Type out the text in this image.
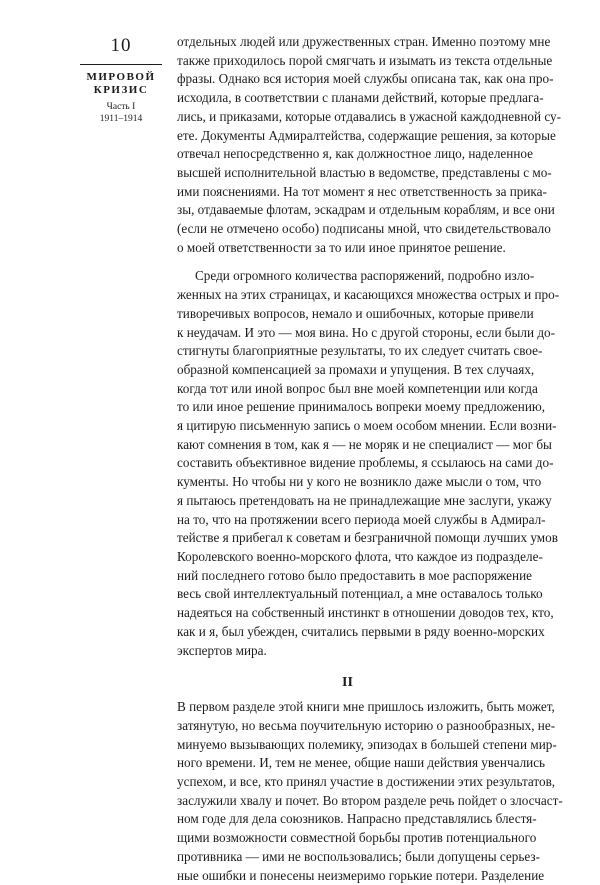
10
МИРОВОЙ
КРИЗИС
Часть I
1911–1914
отдельных людей или дружественных стран. Именно поэтому мне
также приходилось порой смягчать и изымать из текста отдельные
фразы. Однако вся история моей службы описана так, как она про-
исходила, в соответствии с планами действий, которые предлага-
лись, и приказами, которые отдавались в ужасной каждодневной су-
ете. Документы Адмиралтейства, содержащие решения, за которые
отвечал непосредственно я, как должностное лицо, наделенное
высшей исполнительной властью в ведомстве, представлены с мо-
ими пояснениями. На тот момент я нес ответственность за прика-
зы, отдаваемые флотам, эскадрам и отдельным кораблям, и все они
(если не отмечено особо) подписаны мной, что свидетельствовало
о моей ответственности за то или иное принятое решение.
Среди огромного количества распоряжений, подробно изло-
женных на этих страницах, и касающихся множества острых и про-
тиворечивых вопросов, немало и ошибочных, которые привели
к неудачам. И это — моя вина. Но с другой стороны, если были до-
стигнуты благоприятные результаты, то их следует считать свое-
образной компенсацией за промахи и упущения. В тех случаях,
когда тот или иной вопрос был вне моей компетенции или когда
то или иное решение принималось вопреки моему предложению,
я цитирую письменную запись о моем особом мнении. Если возни-
кают сомнения в том, как я — не моряк и не специалист — мог бы
составить объективное видение проблемы, я ссылаюсь на сами до-
кументы. Но чтобы ни у кого не возникло даже мысли о том, что
я пытаюсь претендовать на не принадлежащие мне заслуги, укажу
на то, что на протяжении всего периода моей службы в Адмирал-
тействе я прибегал к советам и безграничной помощи лучших умов
Королевского военно-морского флота, что каждое из подразделе-
ний последнего готово было предоставить в мое распоряжение
весь свой интеллектуальный потенциал, а мне оставалось только
надеяться на собственный инстинкт в отношении доводов тех, кто,
как и я, был убежден, считались первыми в ряду военно-морских
экспертов мира.
II
В первом разделе этой книги мне пришлось изложить, быть может,
затянутую, но весьма поучительную историю о разнообразных, не-
минуемо вызывающих полемику, эпизодах в большей степени мир-
ного времени. И, тем не менее, общие наши действия увенчались
успехом, и все, кто принял участие в достижении этих результатов,
заслужили хвалу и почет. Во втором разделе речь пойдет о злосчаст-
ном годе для дела союзников. Напрасно представлялись блестя-
щими возможности совместной борьбы против потенциального
противника — ими не воспользовались; были допущены серьез-
ные ошибки и понесены неизмеримо горькие потери. Разделение
